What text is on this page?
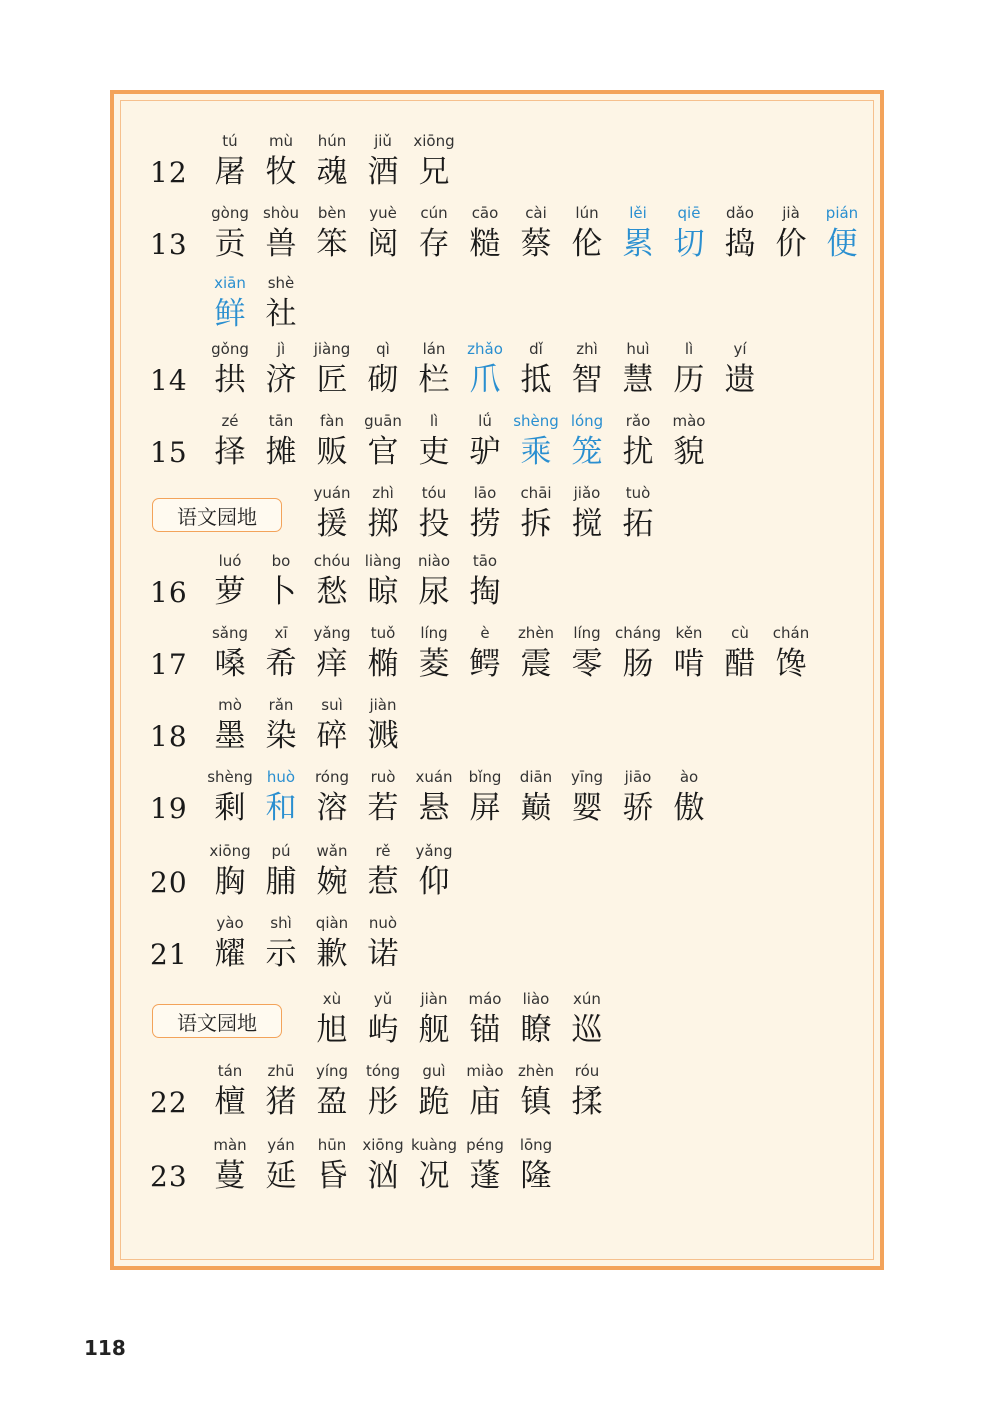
12
tú
屠
mù
牧
hún
魂
jiǔ
酒
xiōng
兄
13
gòng
贡
shòu
兽
bèn
笨
yuè
阅
cún
存
cāo
糙
cài
蔡
lún
伦
lěi
累
qiē
切
dǎo
捣
jià
价
pián
便
xiān
鲜
shè
社
14
gǒng
拱
jì
济
jiàng
匠
qì
砌
lán
栏
zhǎo
爪
dǐ
抵
zhì
智
huì
慧
lì
历
yí
遗
15
zé
择
tān
摊
fàn
贩
guān
官
lì
吏
lǘ
驴
shèng
乘
lóng
笼
rǎo
扰
mào
貌
语文园地
yuán
援
zhì
掷
tóu
投
lāo
捞
chāi
拆
jiǎo
搅
tuò
拓
16
luó
萝
bo
卜
chóu
愁
liàng
晾
niào
尿
tāo
掏
17
sǎng
嗓
xī
希
yǎng
痒
tuǒ
椭
líng
菱
è
鳄
zhèn
震
líng
零
cháng
肠
kěn
啃
cù
醋
chán
馋
18
mò
墨
rǎn
染
suì
碎
jiàn
溅
19
shèng
剩
huò
和
róng
溶
ruò
若
xuán
悬
bǐng
屏
diān
巅
yīng
婴
jiāo
骄
ào
傲
20
xiōng
胸
pú
脯
wǎn
婉
rě
惹
yǎng
仰
21
yào
耀
shì
示
qiàn
歉
nuò
诺
语文园地
xù
旭
yǔ
屿
jiàn
舰
máo
锚
liào
瞭
xún
巡
22
tán
檀
zhū
猪
yíng
盈
tóng
彤
guì
跪
miào
庙
zhèn
镇
róu
揉
23
màn
蔓
yán
延
hūn
昏
xiōng
汹
kuàng
况
péng
蓬
lōng
隆
118
